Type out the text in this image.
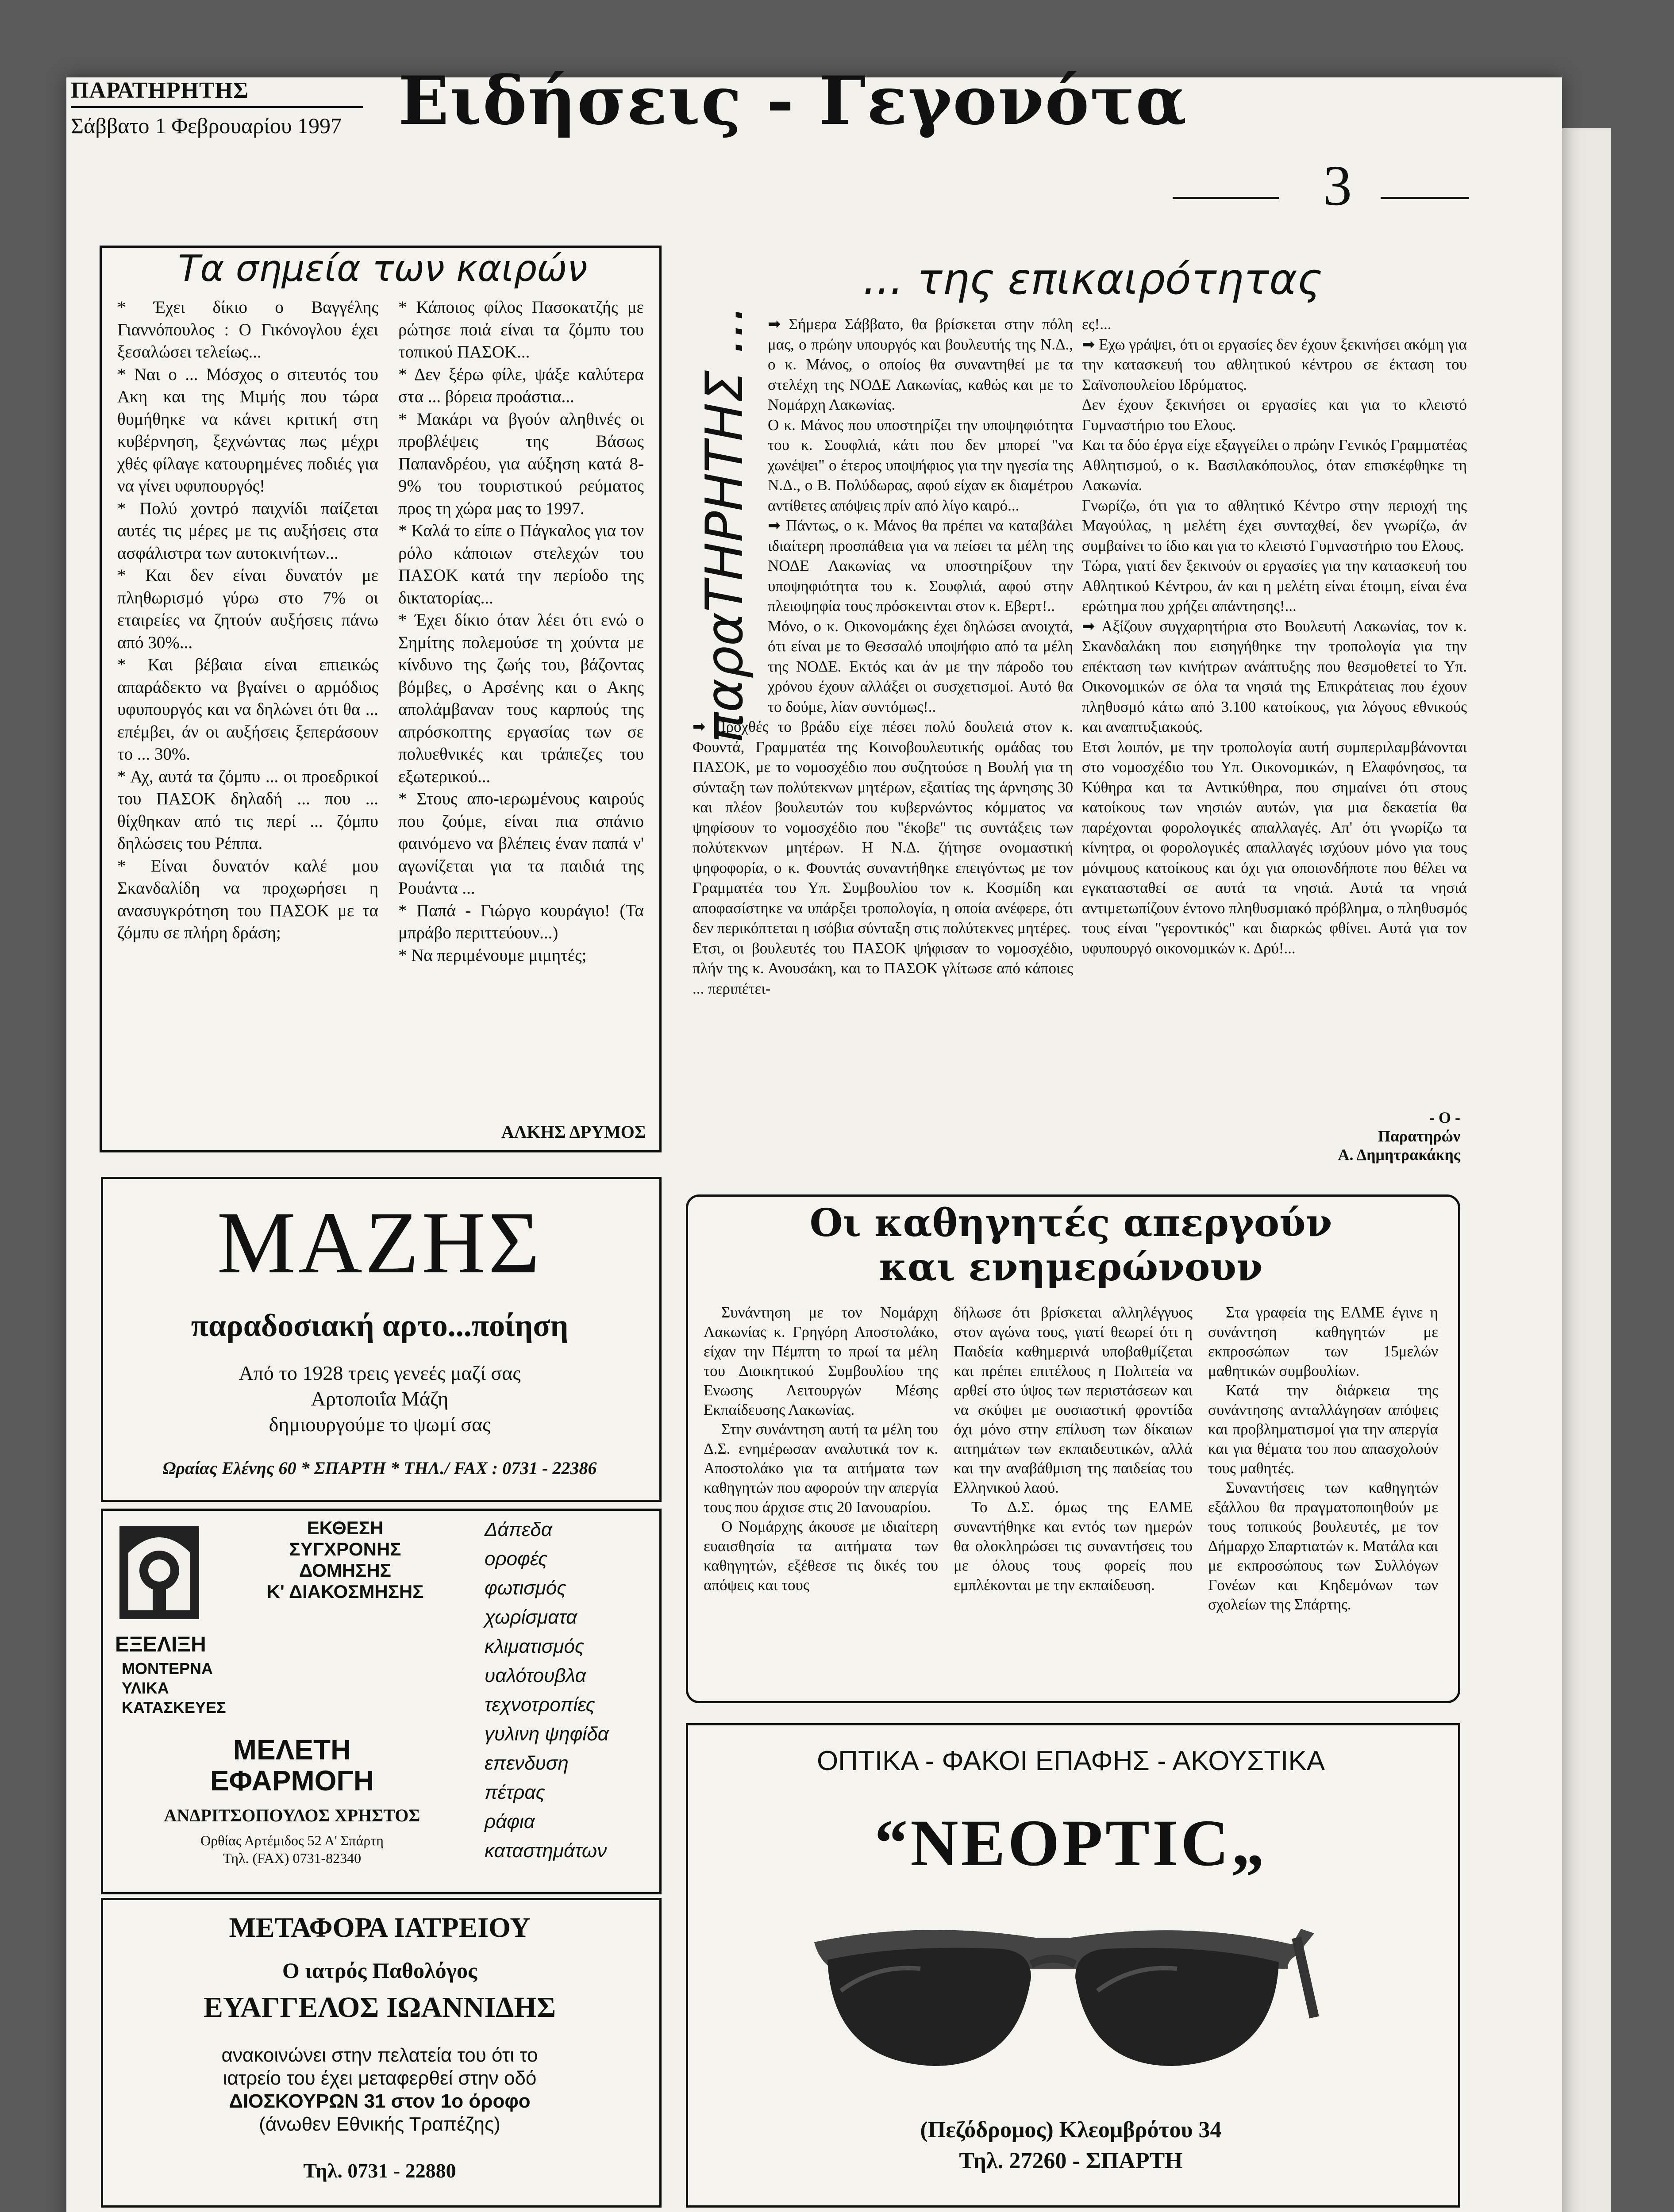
ΠΑΡΑΤΗΡΗΤΗΣ
Σάββατο 1 Φεβρουαρίου 1997 Ειδήσεις - Γεγονότα
3
Τα σημεία των καιρών

* Έχει δίκιο ο Βαγγέλης Γιαννόπουλος : Ο Γικόνογλου έχει ξεσαλώσει τελείως...

* Ναι ο ... Μόσχος ο σιτευτός του Ακη και της Μιμής που τώρα θυμήθηκε να κάνει κριτική στη κυβέρνηση, ξεχνώντας πως μέχρι χθές φίλαγε κατουρημένες ποδιές για να γίνει υφυπουργός!

* Πολύ χοντρό παιχνίδι παίζεται αυτές τις μέρες με τις αυξήσεις στα ασφάλιστρα των αυτοκινήτων...

* Και δεν είναι δυνατόν με πληθωρισμό γύρω στο 7% οι εταιρείες να ζητούν αυξήσεις πάνω από 30%...

* Και βέβαια είναι επιεικώς απαράδεκτο να βγαίνει ο αρμόδιος υφυπουργός και να δηλώνει ότι θα ... επέμβει, άν οι αυξήσεις ξεπεράσουν το ... 30%.

* Αχ, αυτά τα ζόμπυ ... οι προεδρικοί του ΠΑΣΟΚ δηλαδή ... που ... θίχθηκαν από τις περί ... ζόμπυ δηλώσεις του Ρέππα.

* Είναι δυνατόν καλέ μου Σκανδαλίδη να προχωρήσει η ανασυγκρότηση του ΠΑΣΟΚ με τα ζόμπυ σε πλήρη δράση;

* Κάποιος φίλος Πασοκατζής με ρώτησε ποιά είναι τα ζόμπυ του τοπικού ΠΑΣΟΚ...

* Δεν ξέρω φίλε, ψάξε καλύτερα στα ... βόρεια προάστια...

* Μακάρι να βγούν αληθινές οι προβλέψεις της Βάσως Παπανδρέου, για αύξηση κατά 8-9% του τουριστικού ρεύματος προς τη χώρα μας το 1997.

* Καλά το είπε ο Πάγκαλος για τον ρόλο κάποιων στελεχών του ΠΑΣΟΚ κατά την περίοδο της δικτατορίας...

* Έχει δίκιο όταν λέει ότι ενώ ο Σημίτης πολεμούσε τη χούντα με κίνδυνο της ζωής του, βάζοντας βόμβες, ο Αρσένης και ο Ακης απολάμβαναν τους καρπούς της απρόσκοπτης εργασίας των σε πολυεθνικές και τράπεζες του εξωτερικού...

* Στους απο-ιερωμένους καιρούς που ζούμε, είναι πια σπάνιο φαινόμενο να βλέπεις έναν παπά ν' αγωνίζεται για τα παιδιά της Ρουάντα ...

* Παπά - Γιώργο κουράγιο! (Τα μπράβο περιττεύουν...)

* Να περιμένουμε μιμητές;

ΑΛΚΗΣ ΔΡΥΜΟΣ
παραΤΗΡΗΤΗΣ ...
... της επικαιρότητας

➡ Σήμερα Σάββατο, θα βρίσκεται στην πόλη μας, ο πρώην υπουργός και βουλευτής της Ν.Δ., ο κ. Μάνος, ο οποίος θα συναντηθεί με τα στελέχη της ΝΟΔΕ Λακωνίας, καθώς και με το Νομάρχη Λακωνίας.

Ο κ. Μάνος που υποστηρίζει την υποψηφιότητα του κ. Σουφλιά, κάτι που δεν μπορεί "να χωνέψει" ο έτερος υποψήφιος για την ηγεσία της Ν.Δ., ο Β. Πολύδωρας, αφού είχαν εκ διαμέτρου αντίθετες απόψεις πρίν από λίγο καιρό...

➡ Πάντως, ο κ. Μάνος θα πρέπει να καταβάλει ιδιαίτερη προσπάθεια για να πείσει τα μέλη της ΝΟΔΕ Λακωνίας να υποστηρίξουν την υποψηφιότητα του κ. Σουφλιά, αφού στην πλειοψηφία τους πρόσκεινται στον κ. Εβερτ!..

Μόνο, ο κ. Οικονομάκης έχει δηλώσει ανοιχτά, ότι είναι με το Θεσσαλό υποψήφιο από τα μέλη της ΝΟΔΕ. Εκτός και άν με την πάροδο του χρόνου έχουν αλλάξει οι συσχετισμοί. Αυτό θα το δούμε, λίαν συντόμως!..

➡ Προχθές το βράδυ είχε πέσει πολύ δουλειά στον κ. Φουντά, Γραμματέα της Κοινοβουλευτικής ομάδας του ΠΑΣΟΚ, με το νομοσχέδιο που συζητούσε η Βουλή για τη σύνταξη των πολύτεκνων μητέρων, εξαιτίας της άρνησης 30 και πλέον βουλευτών του κυβερνώντος κόμματος να ψηφίσουν το νομοσχέδιο που "έκοβε" τις συντάξεις των πολύτεκνων μητέρων. Η Ν.Δ. ζήτησε ονομαστική ψηφοφορία, ο κ. Φουντάς συναντήθηκε επειγόντως με τον Γραμματέα του Υπ. Συμβουλίου τον κ. Κοσμίδη και αποφασίστηκε να υπάρξει τροπολογία, η οποία ανέφερε, ότι δεν περικόπτεται η ισόβια σύνταξη στις πολύτεκνες μητέρες.

Ετσι, οι βουλευτές του ΠΑΣΟΚ ψήφισαν το νομοσχέδιο, πλήν της κ. Ανουσάκη, και το ΠΑΣΟΚ γλίτωσε από κάποιες ... περιπέτει-

ες!...

➡ Εχω γράψει, ότι οι εργασίες δεν έχουν ξεκινήσει ακόμη για την κατασκευή του αθλητικού κέντρου σε έκταση του Σαϊνοπουλείου Ιδρύματος.

Δεν έχουν ξεκινήσει οι εργασίες και για το κλειστό Γυμναστήριο του Ελους.

Και τα δύο έργα είχε εξαγγείλει ο πρώην Γενικός Γραμματέας Αθλητισμού, ο κ. Βασιλακόπουλος, όταν επισκέφθηκε τη Λακωνία.

Γνωρίζω, ότι για το αθλητικό Κέντρο στην περιοχή της Μαγούλας, η μελέτη έχει συνταχθεί, δεν γνωρίζω, άν συμβαίνει το ίδιο και για το κλειστό Γυμναστήριο του Ελους.

Τώρα, γιατί δεν ξεκινούν οι εργασίες για την κατασκευή του Αθλητικού Κέντρου, άν και η μελέτη είναι έτοιμη, είναι ένα ερώτημα που χρήζει απάντησης!...

➡ Αξίζουν συγχαρητήρια στο Βουλευτή Λακωνίας, τον κ. Σκανδαλάκη που εισηγήθηκε την τροπολογία για την επέκταση των κινήτρων ανάπτυξης που θεσμοθετεί το Υπ. Οικονομικών σε όλα τα νησιά της Επικράτειας που έχουν πληθυσμό κάτω από 3.100 κατοίκους, για λόγους εθνικούς και αναπτυξιακούς.

Ετσι λοιπόν, με την τροπολογία αυτή συμπεριλαμβάνονται στο νομοσχέδιο του Υπ. Οικονομικών, η Ελαφόνησος, τα Κύθηρα και τα Αντικύθηρα, που σημαίνει ότι στους κατοίκους των νησιών αυτών, για μια δεκαετία θα παρέχονται φορολογικές απαλλαγές. Απ' ότι γνωρίζω τα κίνητρα, οι φορολογικές απαλλαγές ισχύουν μόνο για τους μόνιμους κατοίκους και όχι για οποιονδήποτε που θέλει να εγκατασταθεί σε αυτά τα νησιά. Αυτά τα νησιά αντιμετωπίζουν έντονο πληθυσμιακό πρόβλημα, ο πληθυσμός τους είναι "γεροντικός" και διαρκώς φθίνει. Αυτά για τον υφυπουργό οικονομικών κ. Δρύ!...

- Ο -
Παρατηρών
Α. Δημητρακάκης
ΜΑΖΗΣ
παραδοσιακή αρτο...ποίηση
Από το 1928 τρεις γενεές μαζί σας
Αρτοποιΐα Μάζη
δημιουργούμε το ψωμί σας
Ωραίας Ελένης 60 * ΣΠΑΡΤΗ * ΤΗΛ./ FAX : 0731 - 22386
ΕΞΕΛΙΞΗ
ΜΟΝΤΕΡΝΑ
ΥΛΙΚΑ
ΚΑΤΑΣΚΕΥΕΣ
ΕΚΘΕΣΗ
ΣΥΓΧΡΟΝΗΣ
ΔΟΜΗΣΗΣ
Κ' ΔΙΑΚΟΣΜΗΣΗΣ
ΜΕΛΕΤΗ
ΕΦΑΡΜΟΓΗ
ΑΝΔΡΙΤΣΟΠΟΥΛΟΣ ΧΡΗΣΤΟΣ
Ορθίας Αρτέμιδος 52 Α' Σπάρτη
Τηλ. (FAX) 0731-82340
Δάπεδα
οροφές
φωτισμός
χωρίσματα
κλιματισμός
υαλότουβλα
τεχνοτροπίες
γυλινη ψηφίδα
επενδυση
πέτρας
ράφια
καταστημάτων
ΜΕΤΑΦΟΡΑ ΙΑΤΡΕΙΟΥ
Ο ιατρός Παθολόγος
ΕΥΑΓΓΕΛΟΣ ΙΩΑΝΝΙΔΗΣ
ανακοινώνει στην πελατεία του ότι το
ιατρείο του έχει μεταφερθεί στην οδό
ΔΙΟΣΚΟΥΡΩΝ 31 στον 1ο όροφο
(άνωθεν Εθνικής Τραπέζης)
Τηλ. 0731 - 22880
Οι καθηγητές απεργούν
και ενημερώνουν

Συνάντηση με τον Νομάρχη Λακωνίας κ. Γρηγόρη Αποστολάκο, είχαν την Πέμπτη το πρωί τα μέλη του Διοικητικού Συμβουλίου της Ενωσης Λειτουργών Μέσης Εκπαίδευσης Λακωνίας.

Στην συνάντηση αυτή τα μέλη του Δ.Σ. ενημέρωσαν αναλυτικά τον κ. Αποστολάκο για τα αιτήματα των καθηγητών που αφορούν την απεργία τους που άρχισε στις 20 Ιανουαρίου.

Ο Νομάρχης άκουσε με ιδιαίτερη ευαισθησία τα αιτήματα των καθηγητών, εξέθεσε τις δικές του απόψεις και τους

δήλωσε ότι βρίσκεται αλληλέγγυος στον αγώνα τους, γιατί θεωρεί ότι η Παιδεία καθημερινά υποβαθμίζεται και πρέπει επιτέλους η Πολιτεία να αρθεί στο ύψος των περιστάσεων και να σκύψει με ουσιαστική φροντίδα όχι μόνο στην επίλυση των δίκαιων αιτημάτων των εκπαιδευτικών, αλλά και την αναβάθμιση της παιδείας του Ελληνικού λαού.

Το Δ.Σ. όμως της ΕΛΜΕ συναντήθηκε και εντός των ημερών θα ολοκληρώσει τις συναντήσεις του με όλους τους φορείς που εμπλέκονται με την εκπαίδευση.

Στα γραφεία της ΕΛΜΕ έγινε η συνάντηση καθηγητών με εκπροσώπων των 15μελών μαθητικών συμβουλίων.

Κατά την διάρκεια της συνάντησης ανταλλάγησαν απόψεις και προβληματισμοί για την απεργία και για θέματα του που απασχολούν τους μαθητές.

Συναντήσεις των καθηγητών εξάλλου θα πραγματοποιηθούν με τους τοπικούς βουλευτές, με τον Δήμαρχο Σπαρτιατών κ. Ματάλα και με εκπροσώπους των Συλλόγων Γονέων και Κηδεμόνων των σχολείων της Σπάρτης.

ΟΠΤΙΚΑ - ΦΑΚΟΙ ΕΠΑΦΗΣ - ΑΚΟΥΣΤΙΚΑ
“NEOPTIC„
(Πεζόδρομος) Κλεομβρότου 34
Τηλ. 27260 - ΣΠΑΡΤΗ
